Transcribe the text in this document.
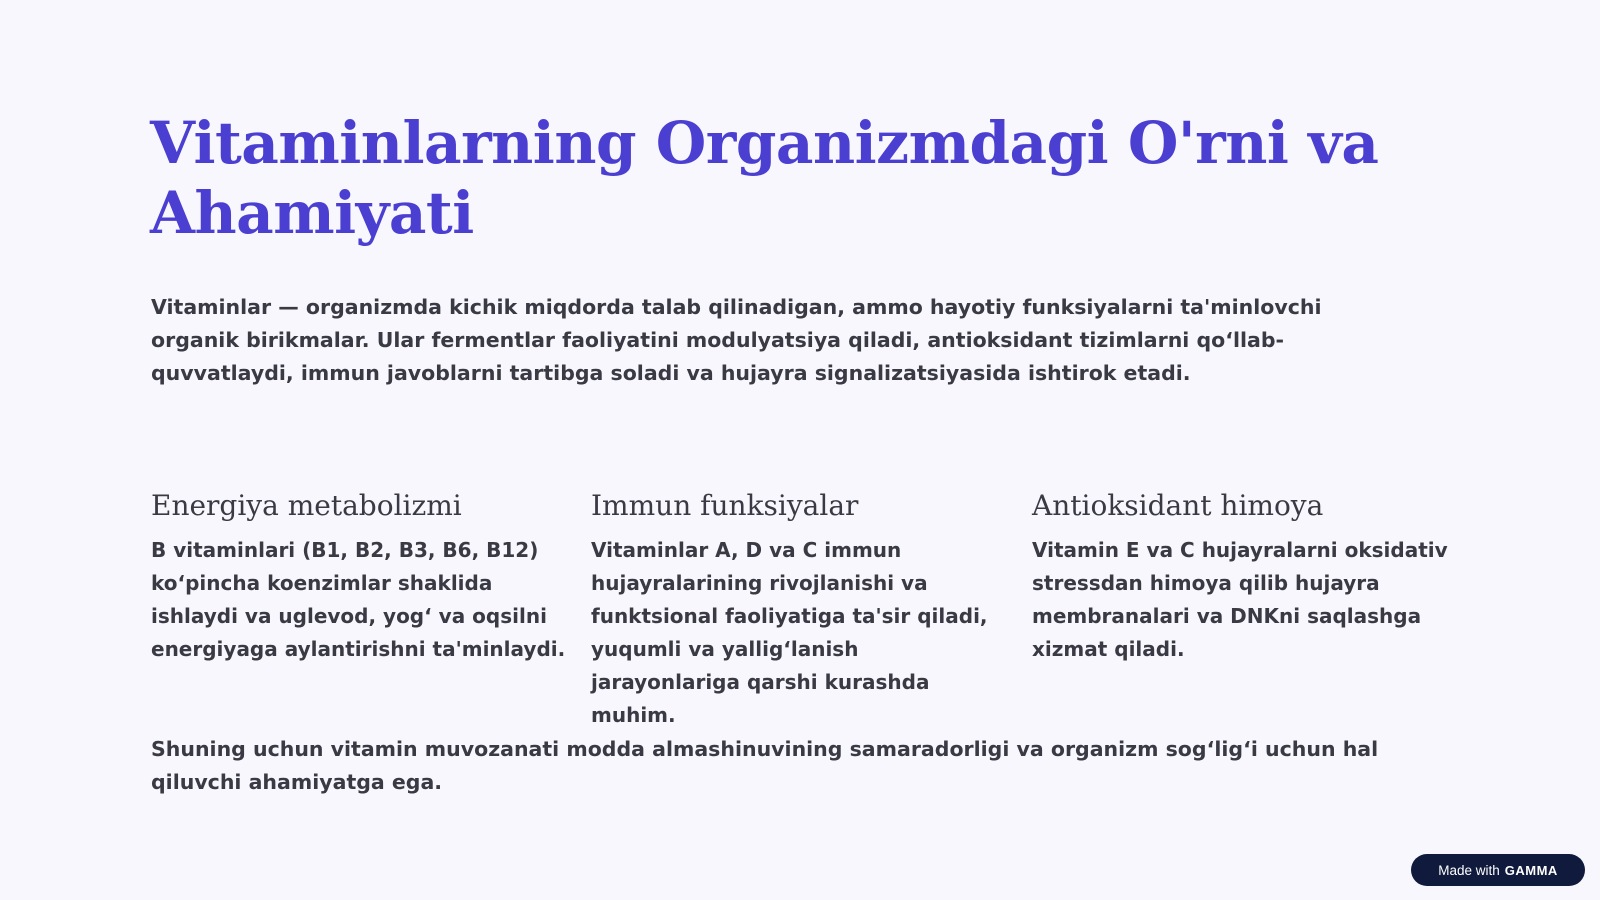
Vitaminlarning Organizmdagi O'rni va Ahamiyati

Vitaminlar — organizmda kichik miqdorda talab qilinadigan, ammo hayotiy funksiyalarni ta'minlovchi organik birikmalar. Ular fermentlar faoliyatini modulyatsiya qiladi, antioksidant tizimlarni qo‘llab-quvvatlaydi, immun javoblarni tartibga soladi va hujayra signalizatsiyasida ishtirok etadi.

Energiya metabolizmi

B vitaminlari (B1, B2, B3, B6, B12) ko‘pincha koenzimlar shaklida ishlaydi va uglevod, yog‘ va oqsilni energiyaga aylantirishni ta'minlaydi.

Immun funksiyalar

Vitaminlar A, D va C immun hujayralarining rivojlanishi va funktsional faoliyatiga ta'sir qiladi, yuqumli va yallig‘lanish jarayonlariga qarshi kurashda muhim.

Antioksidant himoya

Vitamin E va C hujayralarni oksidativ stressdan himoya qilib hujayra membranalari va DNKni saqlashga xizmat qiladi.

Shuning uchun vitamin muvozanati modda almashinuvining samaradorligi va organizm sog‘lig‘i uchun hal qiluvchi ahamiyatga ega.

Made with GAMMA
